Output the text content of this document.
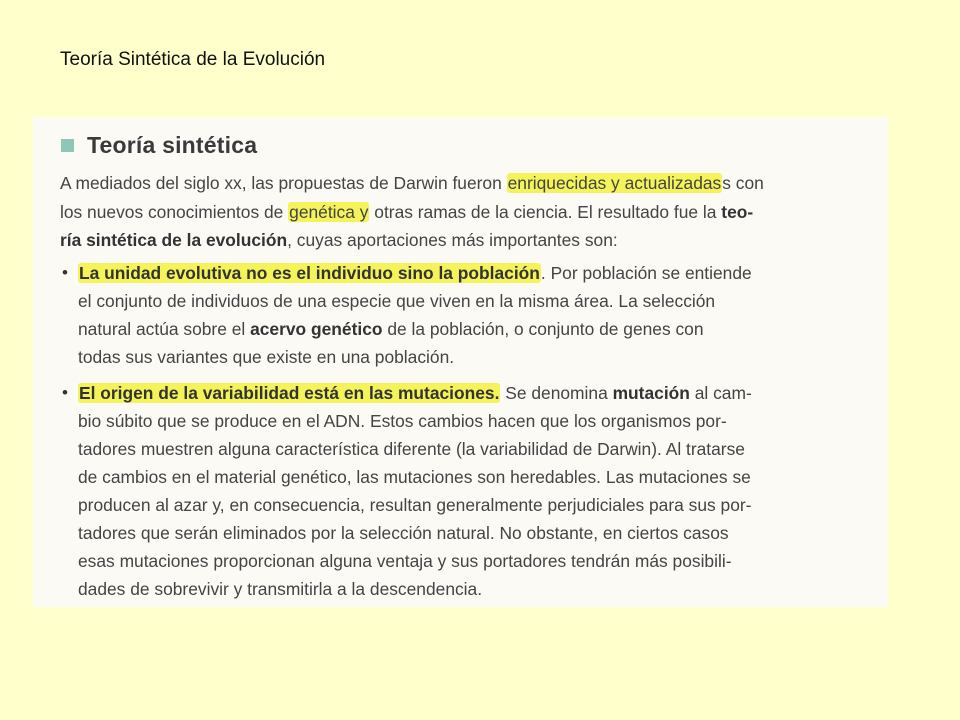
Teoría Sintética de la Evolución
Teoría sintética
A mediados del siglo xx, las propuestas de Darwin fueron enriquecidas y actualizadass con
los nuevos conocimientos de genética y otras ramas de la ciencia. El resultado fue la teo-
ría sintética de la evolución, cuyas aportaciones más importantes son:
• La unidad evolutiva no es el individuo sino la población. Por población se entiende
el conjunto de individuos de una especie que viven en la misma área. La selección
natural actúa sobre el acervo genético de la población, o conjunto de genes con
todas sus variantes que existe en una población.
• El origen de la variabilidad está en las mutaciones. Se denomina mutación al cam-
bio súbito que se produce en el ADN. Estos cambios hacen que los organismos por-
tadores muestren alguna característica diferente (la variabilidad de Darwin). Al tratarse
de cambios en el material genético, las mutaciones son heredables. Las mutaciones se
producen al azar y, en consecuencia, resultan generalmente perjudiciales para sus por-
tadores que serán eliminados por la selección natural. No obstante, en ciertos casos
esas mutaciones proporcionan alguna ventaja y sus portadores tendrán más posibili-
dades de sobrevivir y transmitirla a la descendencia.
